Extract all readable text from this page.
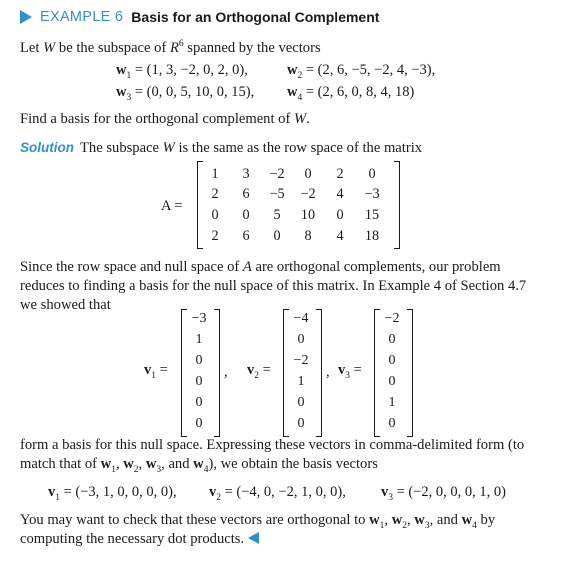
EXAMPLE 6 Basis for an Orthogonal Complement
Let W be the subspace of $R^6$ spanned by the vectors
$w_1 = (1$, 3, −2, 0, 2, 0),	$w_2 = (2$, 6, −5, −2, 4, −3),
$w_3 = (0$, 0, 5, 10, 0, 15), $w_4 = (2$, 6, 0, 8, 4, 18)
Find a basis for the orthogonal complement of W.
Solution The subspace W is the same as the row space of the matrix
A =
1	3	−2	0	2	0
2	6	−5	−2	4	−3
0	0	5	10	0	15
2	6	0	8	4	18
Since the row space and null space of A are orthogonal complements, our problem
reduces to finding a basis for the null space of this matrix. In Example 4 of Section 4.7
we showed that
$v_1$ =
−3
1
0
0
0
0
, $v_2$ =
−4
0
−2
1
0
0
, $v_3$ =
−2
0
0
0
1
0
form a basis for this null space. Expressing these vectors in comma-delimited form (to
match that of $w_1$, $w_2$, $w_3$, and $w_4$), we obtain the basis vectors
$v_1 = (-3$, 1, 0, 0, 0, 0), $v_2 = (-4$, 0, −2, 1, 0, 0), $v_3 = (-2$, 0, 0, 0, 1, 0)
You may want to check that these vectors are orthogonal to $w_1$, $w_2$, $w_3$, and $w_4$ by
computing the necessary dot products.
